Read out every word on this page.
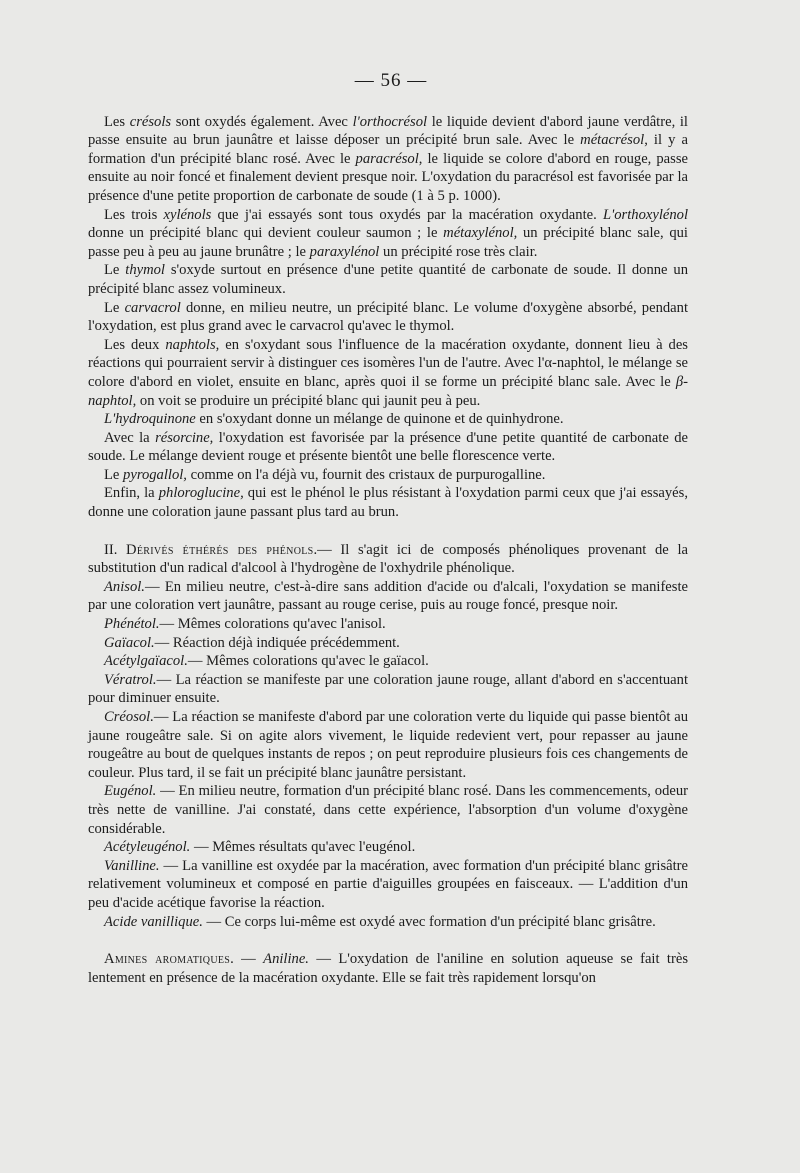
— 56 —

Les crésols sont oxydés également. Avec l'orthocrésol le liquide devient d'abord jaune verdâtre, il passe ensuite au brun jaunâtre et laisse déposer un précipité brun sale. Avec le métacrésol, il y a formation d'un précipité blanc rosé. Avec le paracrésol, le liquide se colore d'abord en rouge, passe ensuite au noir foncé et finalement devient presque noir. L'oxydation du paracrésol est favorisée par la présence d'une petite proportion de carbonate de soude (1 à 5 p. 1000).

Les trois xylénols que j'ai essayés sont tous oxydés par la macération oxydante. L'orthoxylénol donne un précipité blanc qui devient couleur saumon ; le métaxylénol, un précipité blanc sale, qui passe peu à peu au jaune brunâtre ; le paraxylénol un précipité rose très clair.

Le thymol s'oxyde surtout en présence d'une petite quantité de carbonate de soude. Il donne un précipité blanc assez volumineux.

Le carvacrol donne, en milieu neutre, un précipité blanc. Le volume d'oxygène absorbé, pendant l'oxydation, est plus grand avec le carvacrol qu'avec le thymol.

Les deux naphtols, en s'oxydant sous l'influence de la macération oxydante, donnent lieu à des réactions qui pourraient servir à distinguer ces isomères l'un de l'autre. Avec l'α-naphtol, le mélange se colore d'abord en violet, ensuite en blanc, après quoi il se forme un précipité blanc sale. Avec le β-naphtol, on voit se produire un précipité blanc qui jaunit peu à peu.

L'hydroquinone en s'oxydant donne un mélange de quinone et de quinhydrone.

Avec la résorcine, l'oxydation est favorisée par la présence d'une petite quantité de carbonate de soude. Le mélange devient rouge et présente bientôt une belle florescence verte.

Le pyrogallol, comme on l'a déjà vu, fournit des cristaux de purpurogalline.

Enfin, la phloroglucine, qui est le phénol le plus résistant à l'oxydation parmi ceux que j'ai essayés, donne une coloration jaune passant plus tard au brun.

II. Dérivés éthérés des phénols.— Il s'agit ici de composés phénoliques provenant de la substitution d'un radical d'alcool à l'hydrogène de l'oxhydrile phénolique.

Anisol.— En milieu neutre, c'est-à-dire sans addition d'acide ou d'alcali, l'oxydation se manifeste par une coloration vert jaunâtre, passant au rouge cerise, puis au rouge foncé, presque noir.

Phénétol.— Mêmes colorations qu'avec l'anisol.

Gaïacol.— Réaction déjà indiquée précédemment.

Acétylgaïacol.— Mêmes colorations qu'avec le gaïacol.

Vératrol.— La réaction se manifeste par une coloration jaune rouge, allant d'abord en s'accentuant pour diminuer ensuite.

Créosol.— La réaction se manifeste d'abord par une coloration verte du liquide qui passe bientôt au jaune rougeâtre sale. Si on agite alors vivement, le liquide redevient vert, pour repasser au jaune rougeâtre au bout de quelques instants de repos ; on peut reproduire plusieurs fois ces changements de couleur. Plus tard, il se fait un précipité blanc jaunâtre persistant.

Eugénol. — En milieu neutre, formation d'un précipité blanc rosé. Dans les commencements, odeur très nette de vanilline. J'ai constaté, dans cette expérience, l'absorption d'un volume d'oxygène considérable.

Acétyleugénol. — Mêmes résultats qu'avec l'eugénol.

Vanilline. — La vanilline est oxydée par la macération, avec formation d'un précipité blanc grisâtre relativement volumineux et composé en partie d'aiguilles groupées en faisceaux. — L'addition d'un peu d'acide acétique favorise la réaction.

Acide vanillique. — Ce corps lui-même est oxydé avec formation d'un précipité blanc grisâtre.

Amines aromatiques. — Aniline. — L'oxydation de l'aniline en solution aqueuse se fait très lentement en présence de la macération oxydante. Elle se fait très rapidement lorsqu'on
